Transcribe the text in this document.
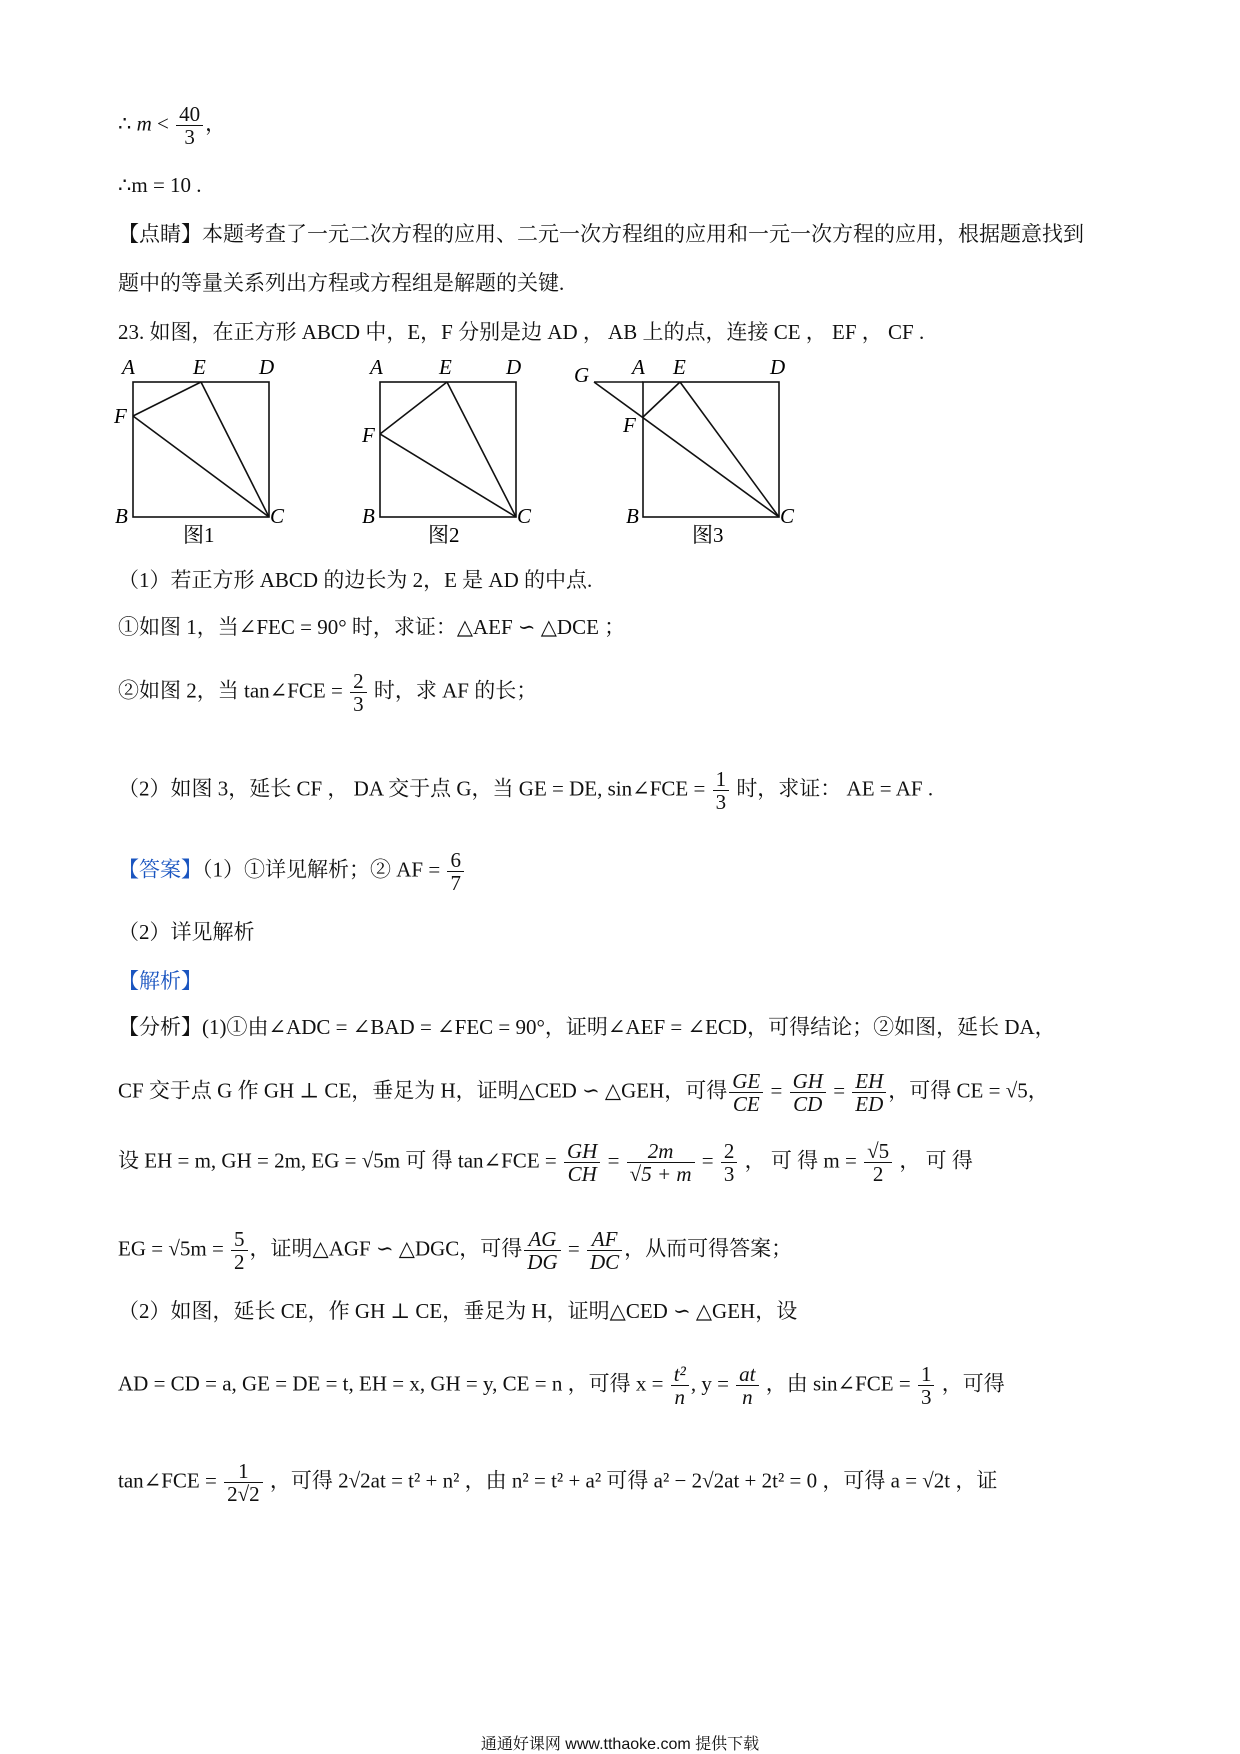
∴ $m < \frac{40}{3}$ ，
∴m = 10 .
【点睛】本题考查了一元二次方程的应用、二元一次方程组的应用和一元一次方程的应用，根据题意找到
题中的等量关系列出方程或方程组是解题的关键.
23. 如图，在正方形 ABCD 中，E，F 分别是边 AD ， AB 上的点，连接 CE ， EF ， CF .
A	E	D
F
B	C
图1
A	E	D
F
B	C
图2
G A E	D
F
B	C
图3
（1）若正方形 ABCD 的边长为 2，E 是 AD 的中点.
①如图 1，当∠FEC = 90° 时，求证：△AEF ∽ △DCE ；
②如图 2，当 tan∠FCE = $\frac{2}{3}$ 时，求 AF 的长；
（2）如图 3，延长 CF ， DA 交于点 G，当 GE = DE, sin∠FCE = $\frac{1}{3}$ 时，求证： AE = AF .
【答案】（1）①详见解析；② AF = $\frac{6}{7}$
（2）详见解析
【解析】
【分析】(1)①由∠ADC = ∠BAD = ∠FEC = 90°，证明∠AEF = ∠ECD，可得结论；②如图，延长 DA，
CF 交于点 G 作 GH ⊥ CE，垂足为 H，证明△CED ∽ △GEH，可得 $\frac{GE}{CE} = \frac{GH}{CD} = \frac{EH}{ED}$ ，可得 CE = √5，
设 EH = m, GH = 2m, EG = √5m 可 得 tan∠FCE = $\frac{GH}{CH} = \frac{2m}{√5 + m} = \frac{2}{3}$ ， 可 得 $m = \frac{√5}{2}$ ， 可 得
EG = $√5m = \frac{5}{2}$ ，证明△AGF ∽ △DGC，可得 $\frac{AG}{DG} = \frac{AF}{DC}$ ，从而可得答案；
（2）如图，延长 CE，作 GH ⊥ CE，垂足为 H，证明△CED ∽ △GEH，设
AD = CD = a, GE = DE = t, EH = x, GH = y, CE = n ，可得 $x = \frac{\text{t²}}{n}$ , $y = \frac{at}{n}$ ，由 sin∠FCE = $\frac{1}{3}$ ，可得
tan∠FCE = $\frac{1}{2√2}$ ，可得 2√2at = t² + n² ，由 n² = t² + a² 可得 a² − 2√2at + 2t² = 0 ，可得 a = √2t ，证
通通好课网 www.tthaoke.com 提供下载
